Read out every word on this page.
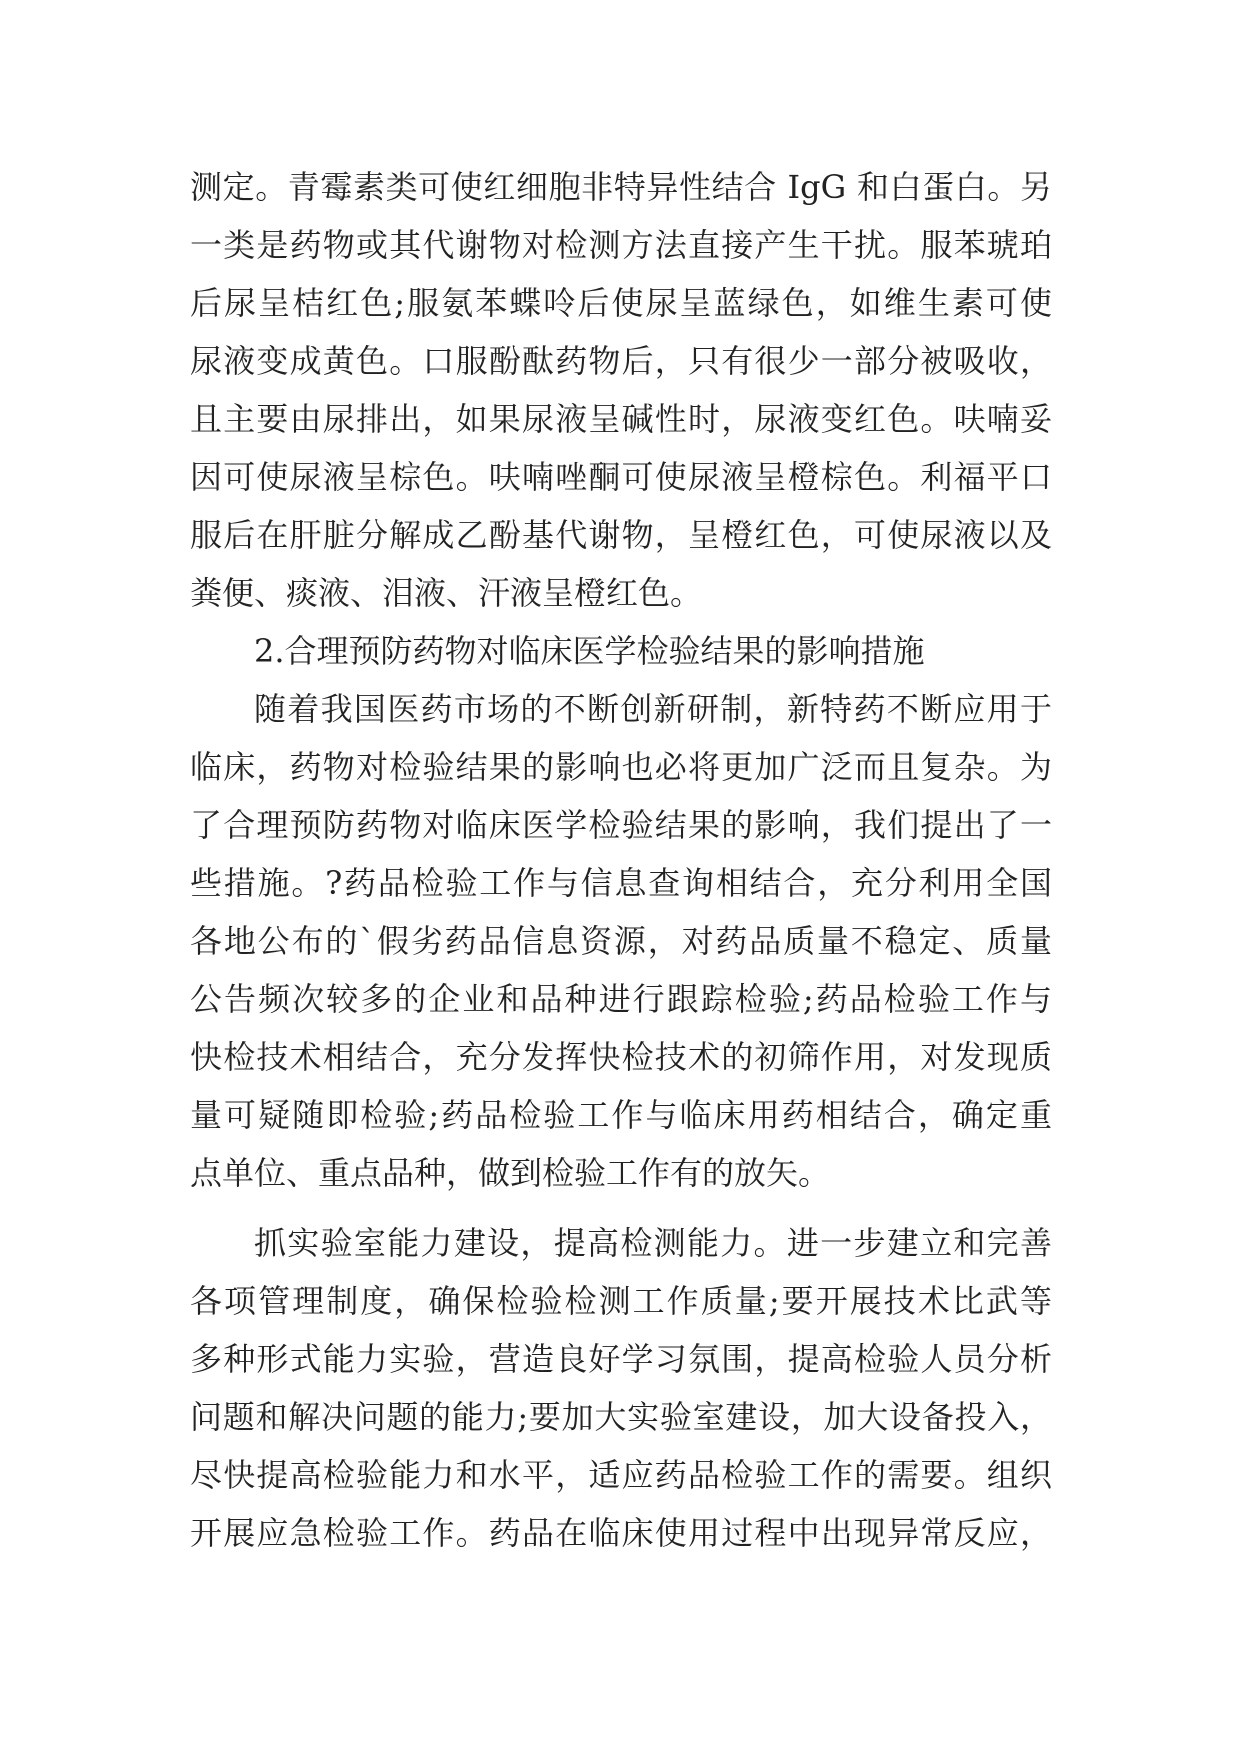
测定。青霉素类可使红细胞非特异性结合 IgG 和白蛋白。另
一类是药物或其代谢物对检测方法直接产生干扰。服苯琥珀
后尿呈桔红色;服氨苯蝶呤后使尿呈蓝绿色，如维生素可使
尿液变成黄色。口服酚酞药物后，只有很少一部分被吸收，
且主要由尿排出，如果尿液呈碱性时，尿液变红色。呋喃妥
因可使尿液呈棕色。呋喃唑酮可使尿液呈橙棕色。利福平口
服后在肝脏分解成乙酚基代谢物，呈橙红色，可使尿液以及
粪便、痰液、泪液、汗液呈橙红色。
2.合理预防药物对临床医学检验结果的影响措施
随着我国医药市场的不断创新研制，新特药不断应用于
临床，药物对检验结果的影响也必将更加广泛而且复杂。为
了合理预防药物对临床医学检验结果的影响，我们提出了一
些措施。?药品检验工作与信息查询相结合，充分利用全国
各地公布的`假劣药品信息资源，对药品质量不稳定、质量
公告频次较多的企业和品种进行跟踪检验;药品检验工作与
快检技术相结合，充分发挥快检技术的初筛作用，对发现质
量可疑随即检验;药品检验工作与临床用药相结合，确定重
点单位、重点品种，做到检验工作有的放矢。
抓实验室能力建设，提高检测能力。进一步建立和完善
各项管理制度，确保检验检测工作质量;要开展技术比武等
多种形式能力实验，营造良好学习氛围，提高检验人员分析
问题和解决问题的能力;要加大实验室建设，加大设备投入，
尽快提高检验能力和水平，适应药品检验工作的需要。组织
开展应急检验工作。药品在临床使用过程中出现异常反应，
